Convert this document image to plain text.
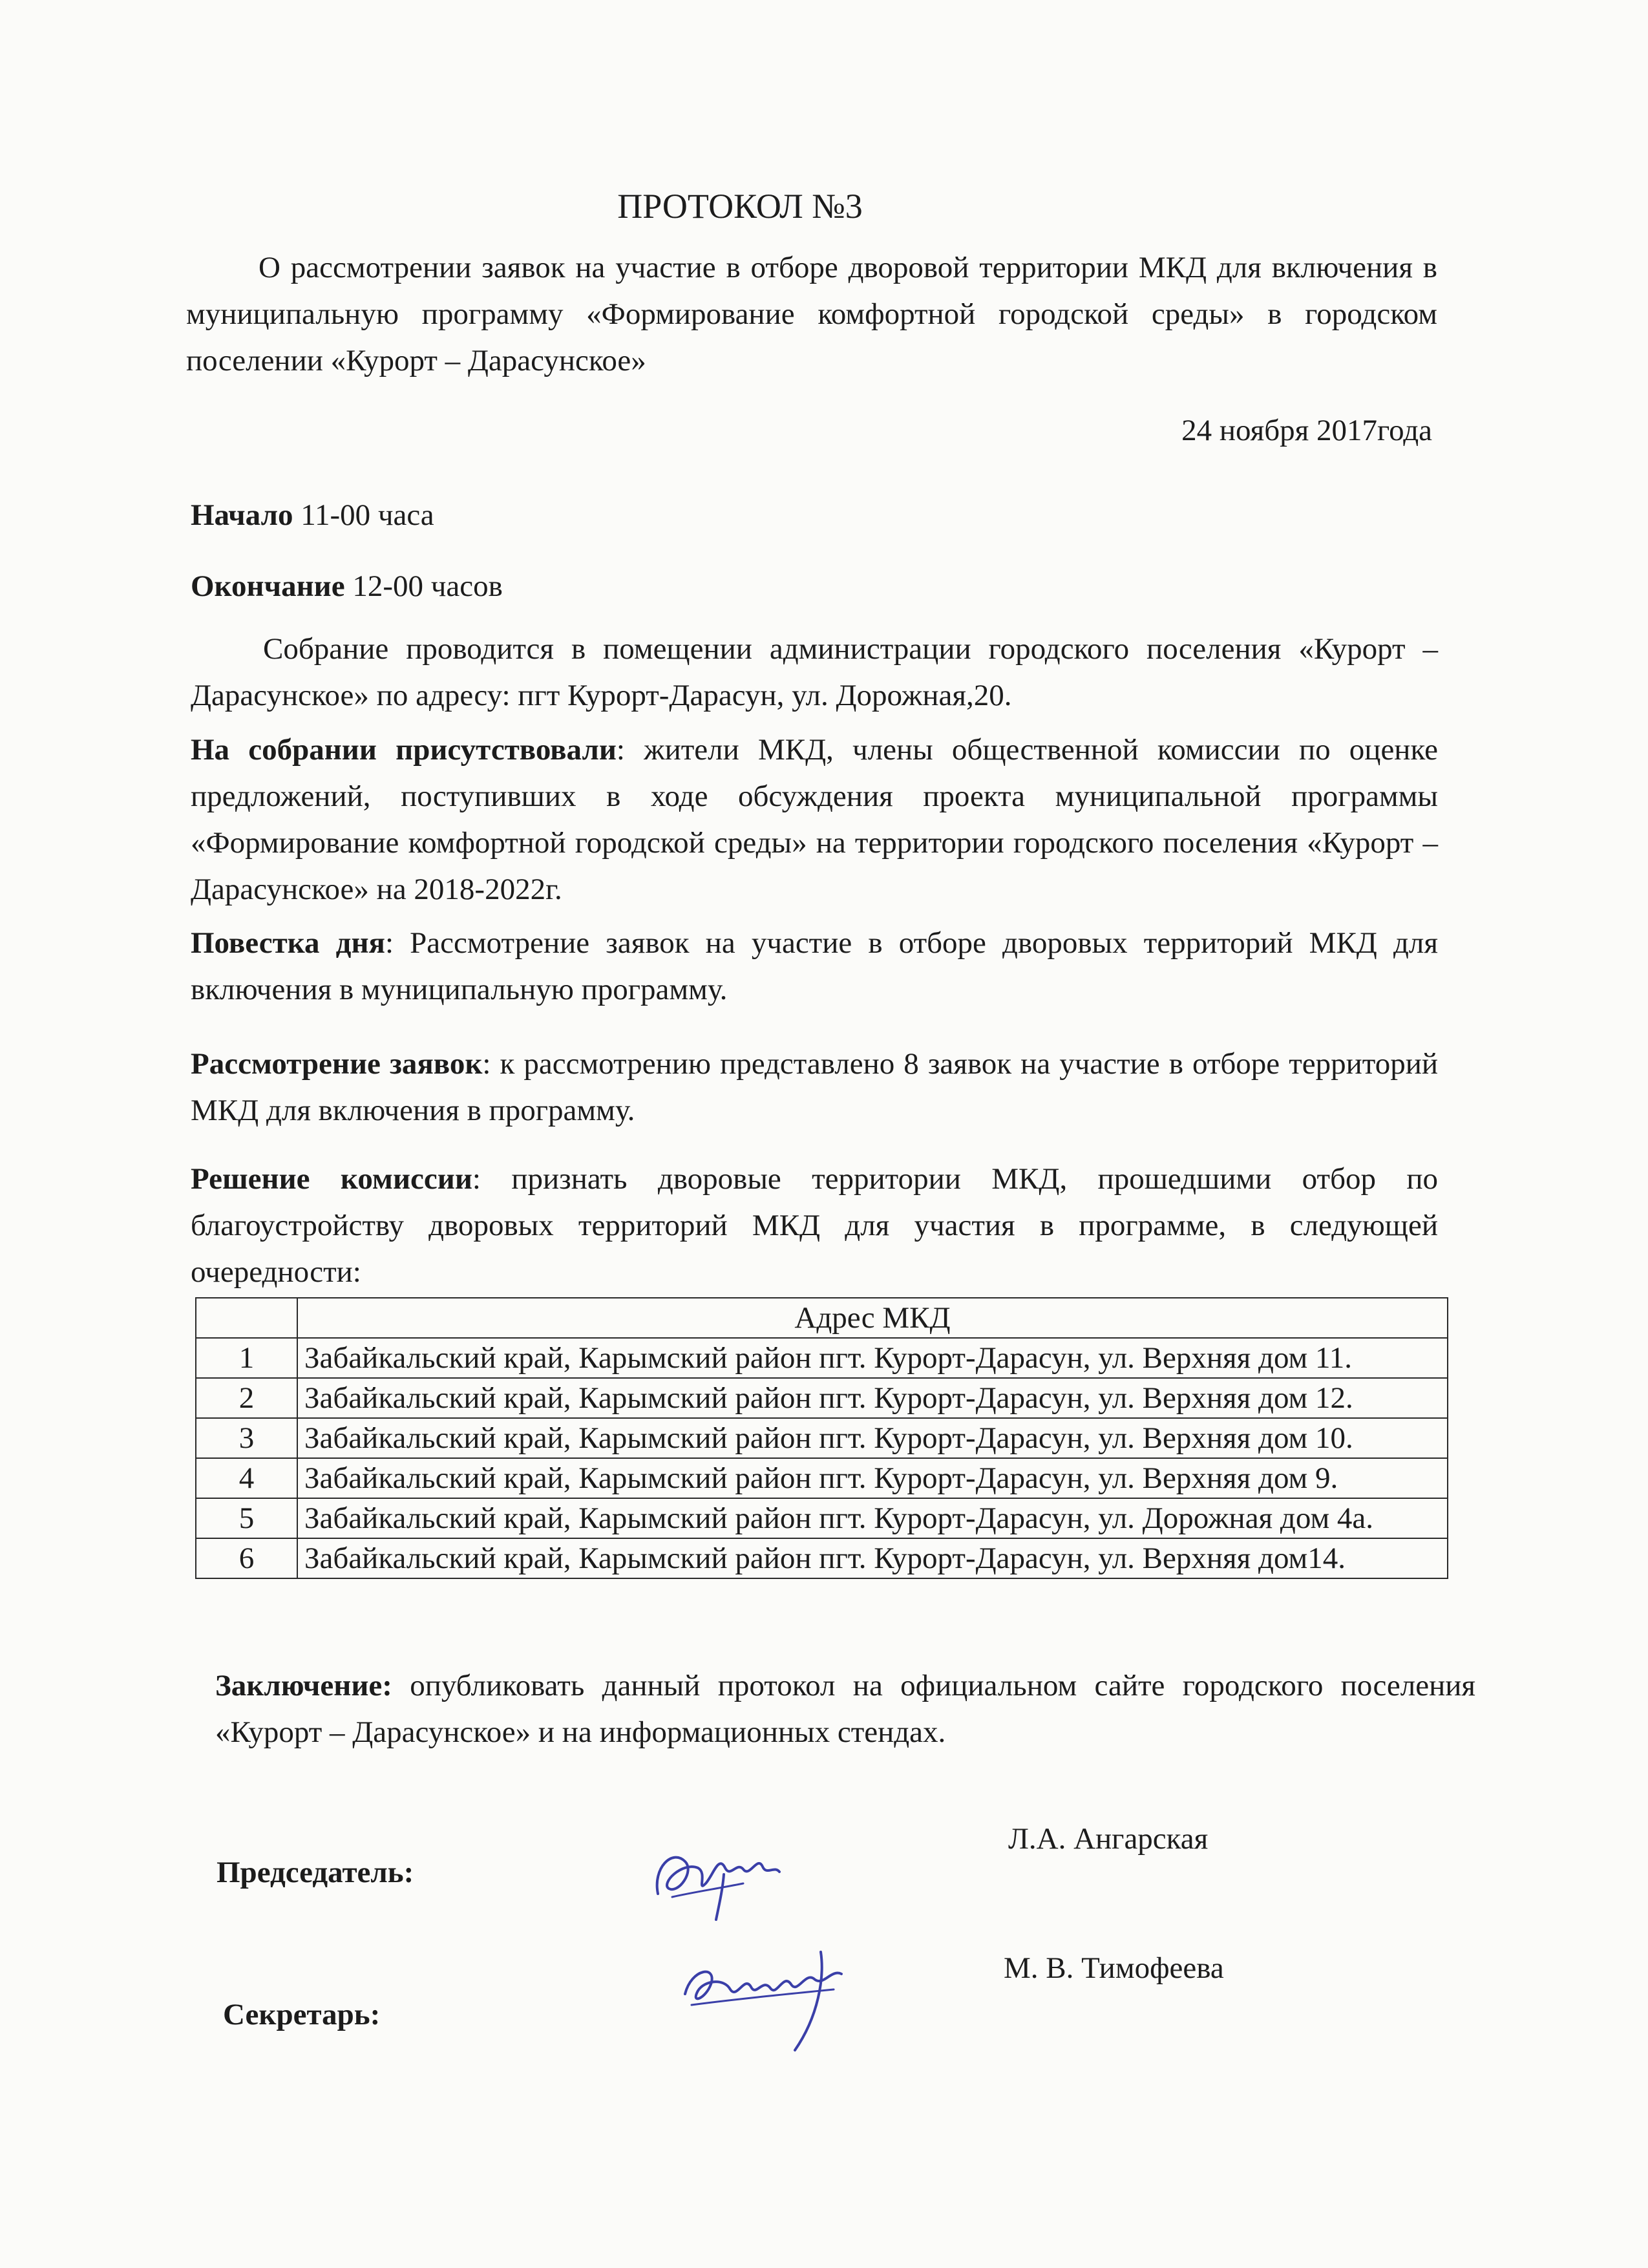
ПРОТОКОЛ №3
О рассмотрении заявок на участие в отборе дворовой территории МКД для включения в муниципальную программу «Формирование комфортной городской среды» в городском поселении «Курорт – Дарасунское»
24 ноября 2017года
Начало 11-00 часа
Окончание 12-00 часов
Собрание проводится в помещении администрации городского поселения «Курорт – Дарасунское» по адресу: пгт Курорт-Дарасун, ул. Дорожная,20.
На собрании присутствовали: жители МКД, члены общественной комиссии по оценке предложений, поступивших в ходе обсуждения проекта муниципальной программы «Формирование комфортной городской среды» на территории городского поселения «Курорт – Дарасунское» на 2018-2022г.
Повестка дня: Рассмотрение заявок на участие в отборе дворовых территорий МКД для включения в муниципальную программу.
Рассмотрение заявок: к рассмотрению представлено 8 заявок на участие в отборе территорий МКД для включения в программу.
Решение комиссии: признать дворовые территории МКД, прошедшими отбор по благоустройству дворовых территорий МКД для участия в программе, в следующей очередности:
	Адрес МКД
1	Забайкальский край, Карымский район пгт. Курорт-Дарасун, ул. Верхняя дом 11.
2	Забайкальский край, Карымский район пгт. Курорт-Дарасун, ул. Верхняя дом 12.
3	Забайкальский край, Карымский район пгт. Курорт-Дарасун, ул. Верхняя дом 10.
4	Забайкальский край, Карымский район пгт. Курорт-Дарасун, ул. Верхняя дом 9.
5	Забайкальский край, Карымский район пгт. Курорт-Дарасун, ул. Дорожная дом 4а.
6	Забайкальский край, Карымский район пгт. Курорт-Дарасун, ул. Верхняя дом14.
Заключение: опубликовать данный протокол на официальном сайте городского поселения «Курорт – Дарасунское» и на информационных стендах.
Председатель:
Л.А. Ангарская
Секретарь:
М. В. Тимофеева
